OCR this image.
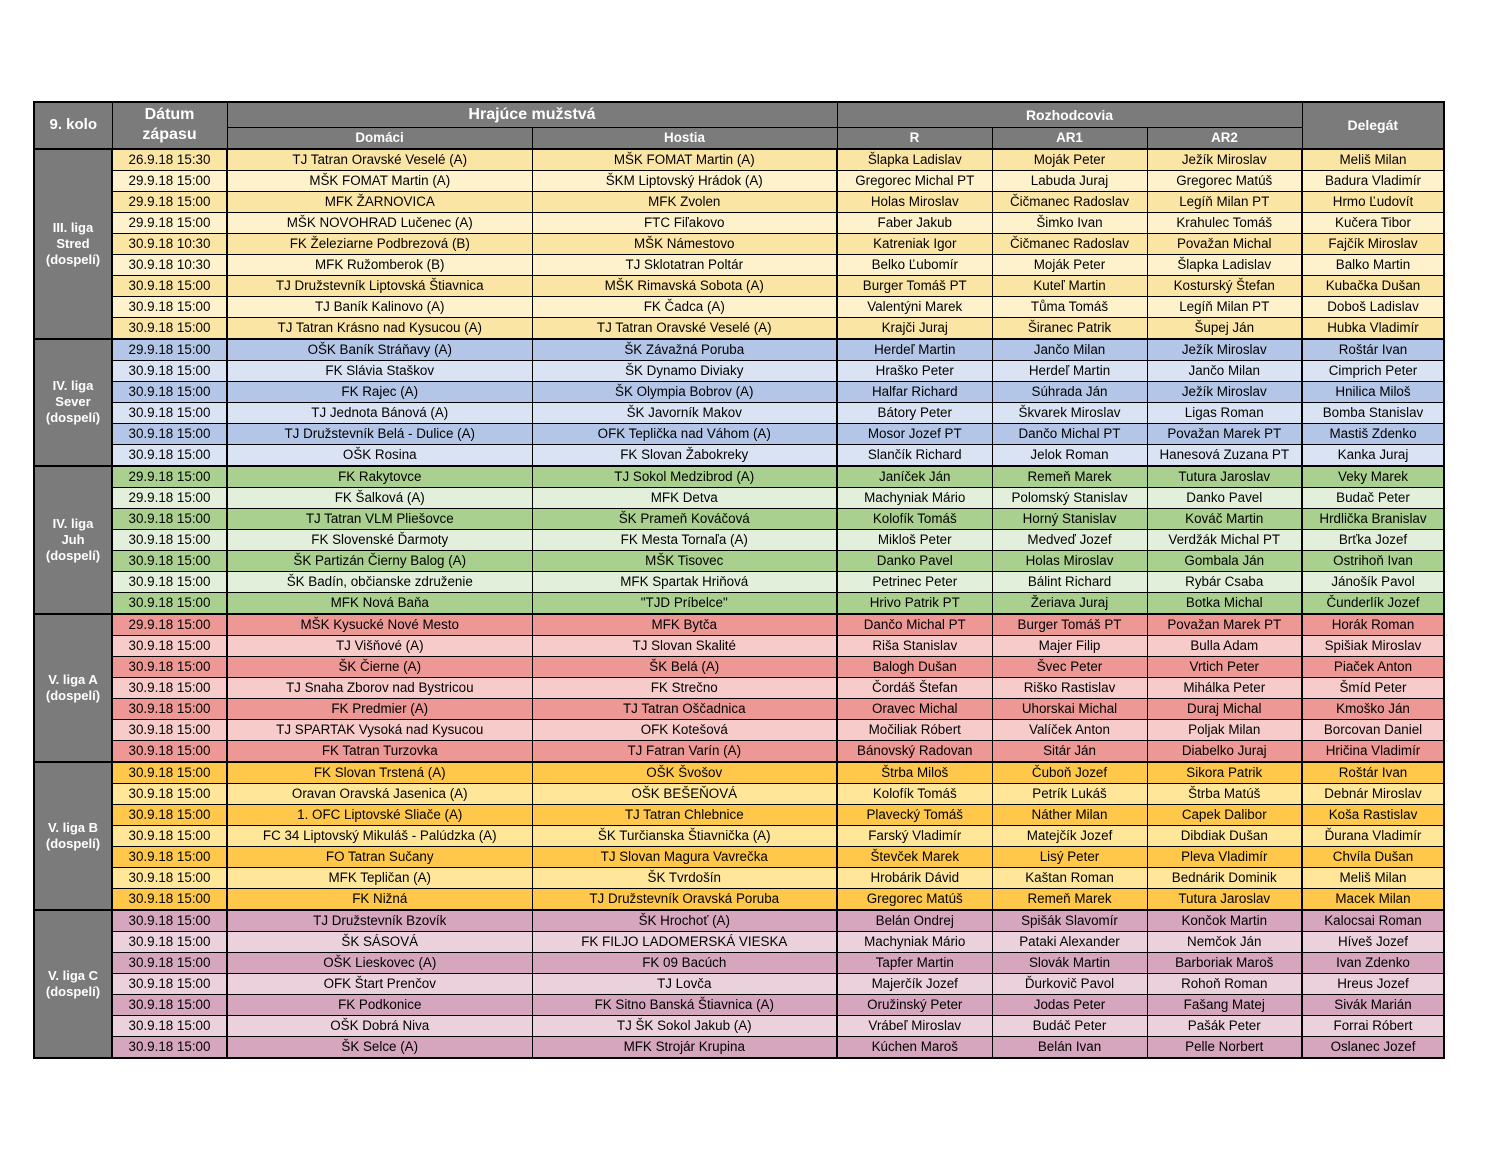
9. kolo	Dátum
zápasu	Hrajúce mužstvá		Rozhodcovia			Delegát
		Domáci	Hostia	R	AR1	AR2	
III. liga
Stred
(dospelí)	26.9.18 15:30	TJ Tatran Oravské Veselé (A)	MŠK FOMAT Martin (A)	Šlapka Ladislav	Moják Peter	Ježík Miroslav	Meliš Milan
	29.9.18 15:00	MŠK FOMAT Martin (A)	ŠKM Liptovský Hrádok (A)	Gregorec Michal PT	Labuda Juraj	Gregorec Matúš	Badura Vladimír
	29.9.18 15:00	MFK ŽARNOVICA	MFK Zvolen	Holas Miroslav	Čičmanec Radoslav	Legíň Milan PT	Hrmo Ľudovít
	29.9.18 15:00	MŠK NOVOHRAD Lučenec (A)	FTC Fiľakovo	Faber Jakub	Šimko Ivan	Krahulec Tomáš	Kučera Tibor
	30.9.18 10:30	FK Železiarne Podbrezová (B)	MŠK Námestovo	Katreniak Igor	Čičmanec Radoslav	Považan Michal	Fajčík Miroslav
	30.9.18 10:30	MFK Ružomberok (B)	TJ Sklotatran Poltár	Belko Ľubomír	Moják Peter	Šlapka Ladislav	Balko Martin
	30.9.18 15:00	TJ Družstevník Liptovská Štiavnica	MŠK Rimavská Sobota (A)	Burger Tomáš PT	Kuteľ Martin	Kosturský Štefan	Kubačka Dušan
	30.9.18 15:00	TJ Baník Kalinovo (A)	FK Čadca (A)	Valentýni Marek	Tůma Tomáš	Legíň Milan PT	Doboš Ladislav
	30.9.18 15:00	TJ Tatran Krásno nad Kysucou (A)	TJ Tatran Oravské Veselé (A)	Krajči Juraj	Širanec Patrik	Šupej Ján	Hubka Vladimír
IV. liga
Sever
(dospelí)	29.9.18 15:00	OŠK Baník Stráňavy (A)	ŠK Závažná Poruba	Herdeľ Martin	Jančo Milan	Ježík Miroslav	Roštár Ivan
	30.9.18 15:00	FK Slávia Staškov	ŠK Dynamo Diviaky	Hraško Peter	Herdeľ Martin	Jančo Milan	Cimprich Peter
	30.9.18 15:00	FK Rajec (A)	ŠK Olympia Bobrov (A)	Halfar Richard	Súhrada Ján	Ježík Miroslav	Hnilica Miloš
	30.9.18 15:00	TJ Jednota Bánová (A)	ŠK Javorník Makov	Bátory Peter	Škvarek Miroslav	Ligas Roman	Bomba Stanislav
	30.9.18 15:00	TJ Družstevník Belá - Dulice (A)	OFK Teplička nad Váhom (A)	Mosor Jozef PT	Dančo Michal PT	Považan Marek PT	Mastiš Zdenko
	30.9.18 15:00	OŠK Rosina	FK Slovan Žabokreky	Slančík Richard	Jelok Roman	Hanesová Zuzana PT	Kanka Juraj
IV. liga
Juh
(dospelí)	29.9.18 15:00	FK Rakytovce	TJ Sokol Medzibrod (A)	Janíček Ján	Remeň Marek	Tutura Jaroslav	Veky Marek
	29.9.18 15:00	FK Šalková (A)	MFK Detva	Machyniak Mário	Polomský Stanislav	Danko Pavel	Budač Peter
	30.9.18 15:00	TJ Tatran VLM Pliešovce	ŠK Prameň Kováčová	Kolofík Tomáš	Horný Stanislav	Kováč Martin	Hrdlička Branislav
	30.9.18 15:00	FK Slovenské Ďarmoty	FK Mesta Tornaľa (A)	Mikloš Peter	Medveď Jozef	Verdžák Michal PT	Brťka Jozef
	30.9.18 15:00	ŠK Partizán Čierny Balog (A)	MŠK Tisovec	Danko Pavel	Holas Miroslav	Gombala Ján	Ostrihoň Ivan
	30.9.18 15:00	ŠK Badín, občianske združenie	MFK Spartak Hriňová	Petrinec Peter	Bálint Richard	Rybár Csaba	Jánošík Pavol
	30.9.18 15:00	MFK Nová Baňa	"TJD Príbelce"	Hrivo Patrik PT	Žeriava Juraj	Botka Michal	Čunderlík Jozef
V. liga A
(dospelí)	29.9.18 15:00	MŠK Kysucké Nové Mesto	MFK Bytča	Dančo Michal PT	Burger Tomáš PT	Považan Marek PT	Horák Roman
	30.9.18 15:00	TJ Višňové (A)	TJ Slovan Skalité	Riša Stanislav	Majer Filip	Bulla Adam	Spišiak Miroslav
	30.9.18 15:00	ŠK Čierne (A)	ŠK Belá (A)	Balogh Dušan	Švec Peter	Vrtich Peter	Piaček Anton
	30.9.18 15:00	TJ Snaha Zborov nad Bystricou	FK Strečno	Čordáš Štefan	Riško Rastislav	Mihálka Peter	Šmíd Peter
	30.9.18 15:00	FK Predmier (A)	TJ Tatran Oščadnica	Oravec Michal	Uhorskai Michal	Duraj Michal	Kmoško Ján
	30.9.18 15:00	TJ SPARTAK Vysoká nad Kysucou	OFK Kotešová	Močiliak Róbert	Valíček Anton	Poljak Milan	Borcovan Daniel
	30.9.18 15:00	FK Tatran Turzovka	TJ Fatran Varín (A)	Bánovský Radovan	Sitár Ján	Diabelko Juraj	Hričina Vladimír
V. liga B
(dospelí)	30.9.18 15:00	FK Slovan Trstená (A)	OŠK Švošov	Štrba Miloš	Čuboň Jozef	Sikora Patrik	Roštár Ivan
	30.9.18 15:00	Oravan Oravská Jasenica (A)	OŠK BEŠEŇOVÁ	Kolofík Tomáš	Petrík Lukáš	Štrba Matúš	Debnár Miroslav
	30.9.18 15:00	1. OFC Liptovské Sliače (A)	TJ Tatran Chlebnice	Plavecký Tomáš	Náther Milan	Capek Dalibor	Koša Rastislav
	30.9.18 15:00	FC 34 Liptovský Mikuláš - Palúdzka (A)	ŠK Turčianska Štiavnička (A)	Farský Vladimír	Matejčík Jozef	Dibdiak Dušan	Ďurana Vladimír
	30.9.18 15:00	FO Tatran Sučany	TJ Slovan Magura Vavrečka	Števček Marek	Lisý Peter	Pleva Vladimír	Chvíla Dušan
	30.9.18 15:00	MFK Tepličan (A)	ŠK Tvrdošín	Hrobárik Dávid	Kaštan Roman	Bednárik Dominik	Meliš Milan
	30.9.18 15:00	FK Nižná	TJ Družstevník Oravská Poruba	Gregorec Matúš	Remeň Marek	Tutura Jaroslav	Macek Milan
V. liga C
(dospelí)	30.9.18 15:00	TJ Družstevník Bzovík	ŠK Hrochoť (A)	Belán Ondrej	Spišák Slavomír	Končok Martin	Kalocsai Roman
	30.9.18 15:00	ŠK SÁSOVÁ	FK FILJO LADOMERSKÁ VIESKA	Machyniak Mário	Pataki Alexander	Nemčok Ján	Híveš Jozef
	30.9.18 15:00	OŠK Lieskovec (A)	FK 09 Bacúch	Tapfer Martin	Slovák Martin	Barboriak Maroš	Ivan Zdenko
	30.9.18 15:00	OFK Štart Prenčov	TJ Lovča	Majerčík Jozef	Ďurkovič Pavol	Rohoň Roman	Hreus Jozef
	30.9.18 15:00	FK Podkonice	FK Sitno Banská Štiavnica (A)	Oružinský Peter	Jodas Peter	Fašang Matej	Sivák Marián
	30.9.18 15:00	OŠK Dobrá Niva	TJ ŠK Sokol Jakub (A)	Vrábeľ Miroslav	Budáč Peter	Pašák Peter	Forrai Róbert
	30.9.18 15:00	ŠK Selce (A)	MFK Strojár Krupina	Kúchen Maroš	Belán Ivan	Pelle Norbert	Oslanec Jozef
